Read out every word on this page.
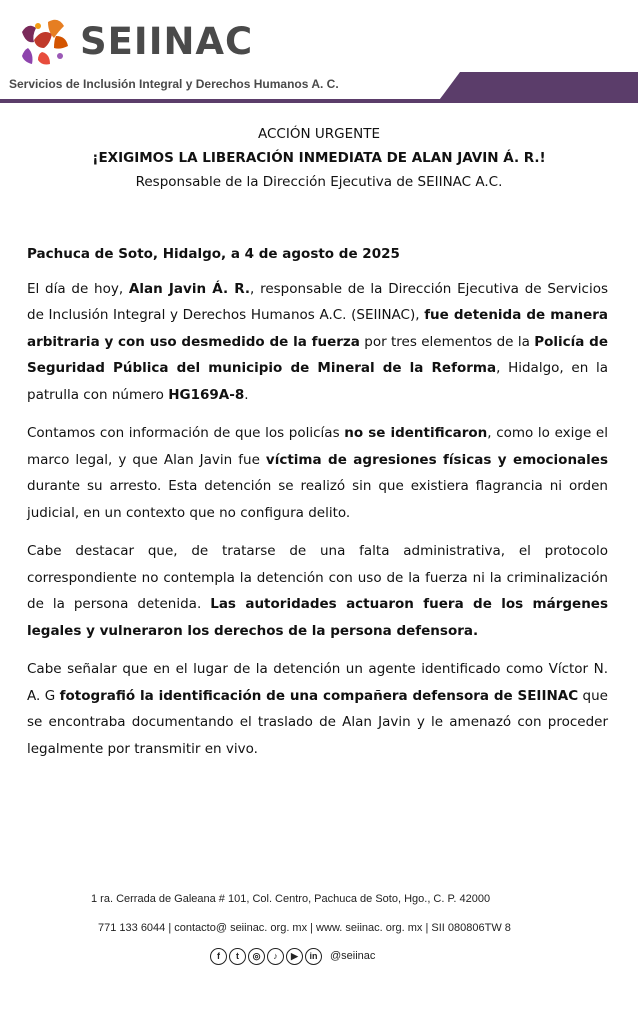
SEIINAC
Servicios de Inclusión Integral y Derechos Humanos A. C.
ACCIÓN URGENTE
¡EXIGIMOS LA LIBERACIÓN INMEDIATA DE ALAN JAVIN Á. R.!
Responsable de la Dirección Ejecutiva de SEIINAC A.C.

Pachuca de Soto, Hidalgo, a 4 de agosto de 2025

El día de hoy, Alan Javin Á. R., responsable de la Dirección Ejecutiva de Servicios de Inclusión Integral y Derechos Humanos A.C. (SEIINAC), fue detenida de manera arbitraria y con uso desmedido de la fuerza por tres elementos de la Policía de Seguridad Pública del municipio de Mineral de la Reforma, Hidalgo, en la patrulla con número HG169A-8.

Contamos con información de que los policías no se identificaron, como lo exige el marco legal, y que Alan Javin fue víctima de agresiones físicas y emocionales durante su arresto. Esta detención se realizó sin que existiera flagrancia ni orden judicial, en un contexto que no configura delito.

Cabe destacar que, de tratarse de una falta administrativa, el protocolo correspondiente no contempla la detención con uso de la fuerza ni la criminalización de la persona detenida. Las autoridades actuaron fuera de los márgenes legales y vulneraron los derechos de la persona defensora.

Cabe señalar que en el lugar de la detención un agente identificado como Víctor N. A. G fotografió la identificación de una compañera defensora de SEIINAC que se encontraba documentando el traslado de Alan Javin y le amenazó con proceder legalmente por transmitir en vivo.

1 ra. Cerrada de Galeana # 101, Col. Centro, Pachuca de Soto, Hgo., C. P. 42000
771 133 6044 | contacto@ seiinac. org. mx | www. seiinac. org. mx | SII 080806TW 8
f	t	◎	♪	▶	in	@seiinac
